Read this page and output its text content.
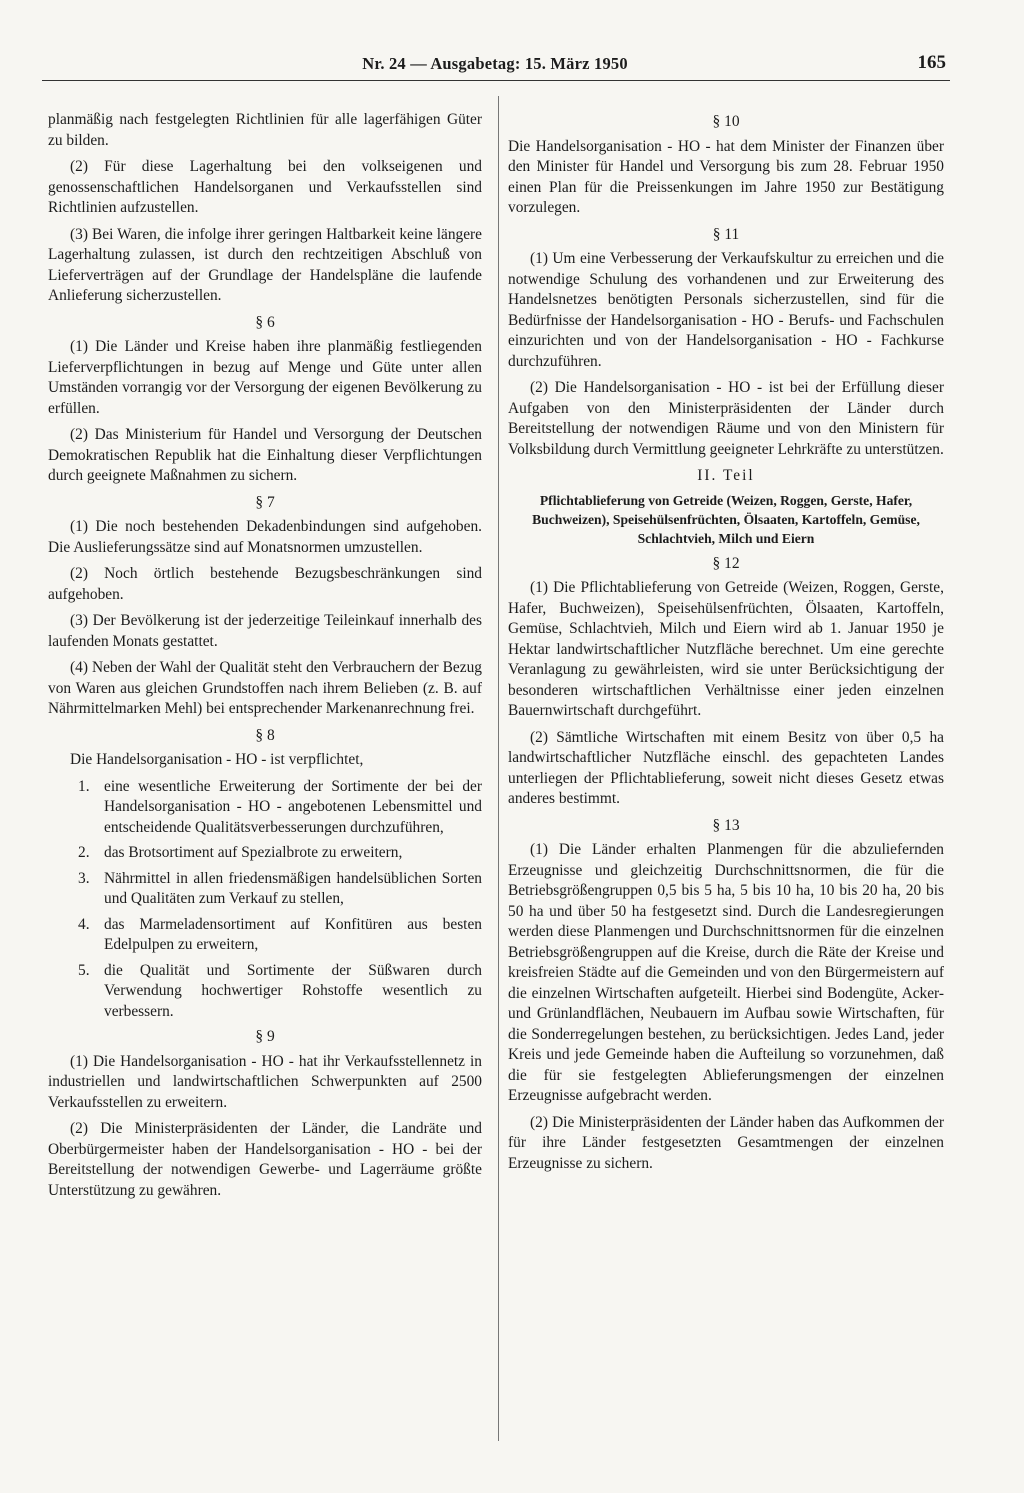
Nr. 24 — Ausgabetag: 15. März 1950	165

planmäßig nach festgelegten Richtlinien für alle lagerfähigen Güter zu bilden.

(2) Für diese Lagerhaltung bei den volkseigenen und genossenschaftlichen Handelsorganen und Verkaufsstellen sind Richtlinien aufzustellen.

(3) Bei Waren, die infolge ihrer geringen Haltbarkeit keine längere Lagerhaltung zulassen, ist durch den rechtzeitigen Abschluß von Lieferverträgen auf der Grundlage der Handelspläne die laufende Anlieferung sicherzustellen.

§ 6

(1) Die Länder und Kreise haben ihre planmäßig festliegenden Lieferverpflichtungen in bezug auf Menge und Güte unter allen Umständen vorrangig vor der Versorgung der eigenen Bevölkerung zu erfüllen.

(2) Das Ministerium für Handel und Versorgung der Deutschen Demokratischen Republik hat die Einhaltung dieser Verpflichtungen durch geeignete Maßnahmen zu sichern.

§ 7

(1) Die noch bestehenden Dekadenbindungen sind aufgehoben. Die Auslieferungssätze sind auf Monatsnormen umzustellen.

(2) Noch örtlich bestehende Bezugsbeschränkungen sind aufgehoben.

(3) Der Bevölkerung ist der jederzeitige Teileinkauf innerhalb des laufenden Monats gestattet.

(4) Neben der Wahl der Qualität steht den Verbrauchern der Bezug von Waren aus gleichen Grundstoffen nach ihrem Belieben (z. B. auf Nährmittelmarken Mehl) bei entsprechender Markenanrechnung frei.

§ 8

Die Handelsorganisation - HO - ist verpflichtet,

1. eine wesentliche Erweiterung der Sortimente der bei der Handelsorganisation - HO - angebotenen Lebensmittel und entscheidende Qualitätsverbesserungen durchzuführen,
2. das Brotsortiment auf Spezialbrote zu erweitern,
3. Nährmittel in allen friedensmäßigen handelsüblichen Sorten und Qualitäten zum Verkauf zu stellen,
4. das Marmeladensortiment auf Konfitüren aus besten Edelpulpen zu erweitern,
5. die Qualität und Sortimente der Süßwaren durch Verwendung hochwertiger Rohstoffe wesentlich zu verbessern.
§ 9

(1) Die Handelsorganisation - HO - hat ihr Verkaufsstellennetz in industriellen und landwirtschaftlichen Schwerpunkten auf 2500 Verkaufsstellen zu erweitern.

(2) Die Ministerpräsidenten der Länder, die Landräte und Oberbürgermeister haben der Handelsorganisation - HO - bei der Bereitstellung der notwendigen Gewerbe- und Lagerräume größte Unterstützung zu gewähren.

§ 10

Die Handelsorganisation - HO - hat dem Minister der Finanzen über den Minister für Handel und Versorgung bis zum 28. Februar 1950 einen Plan für die Preissenkungen im Jahre 1950 zur Bestätigung vorzulegen.

§ 11

(1) Um eine Verbesserung der Verkaufskultur zu erreichen und die notwendige Schulung des vorhandenen und zur Erweiterung des Handelsnetzes benötigten Personals sicherzustellen, sind für die Bedürfnisse der Handelsorganisation - HO - Berufs- und Fachschulen einzurichten und von der Handelsorganisation - HO - Fachkurse durchzuführen.

(2) Die Handelsorganisation - HO - ist bei der Erfüllung dieser Aufgaben von den Ministerpräsidenten der Länder durch Bereitstellung der notwendigen Räume und von den Ministern für Volksbildung durch Vermittlung geeigneter Lehrkräfte zu unterstützen.

II. Teil
Pflichtablieferung von Getreide (Weizen, Roggen, Gerste, Hafer, Buchweizen), Speisehülsenfrüchten, Ölsaaten, Kartoffeln, Gemüse, Schlachtvieh, Milch und Eiern
§ 12

(1) Die Pflichtablieferung von Getreide (Weizen, Roggen, Gerste, Hafer, Buchweizen), Speisehülsenfrüchten, Ölsaaten, Kartoffeln, Gemüse, Schlachtvieh, Milch und Eiern wird ab 1. Januar 1950 je Hektar landwirtschaftlicher Nutzfläche berechnet. Um eine gerechte Veranlagung zu gewährleisten, wird sie unter Berücksichtigung der besonderen wirtschaftlichen Verhältnisse einer jeden einzelnen Bauernwirtschaft durchgeführt.

(2) Sämtliche Wirtschaften mit einem Besitz von über 0,5 ha landwirtschaftlicher Nutzfläche einschl. des gepachteten Landes unterliegen der Pflichtablieferung, soweit nicht dieses Gesetz etwas anderes bestimmt.

§ 13

(1) Die Länder erhalten Planmengen für die abzuliefernden Erzeugnisse und gleichzeitig Durchschnittsnormen, die für die Betriebsgrößengruppen 0,5 bis 5 ha, 5 bis 10 ha, 10 bis 20 ha, 20 bis 50 ha und über 50 ha festgesetzt sind. Durch die Landesregierungen werden diese Planmengen und Durchschnittsnormen für die einzelnen Betriebsgrößengruppen auf die Kreise, durch die Räte der Kreise und kreisfreien Städte auf die Gemeinden und von den Bürgermeistern auf die einzelnen Wirtschaften aufgeteilt. Hierbei sind Bodengüte, Acker- und Grünlandflächen, Neubauern im Aufbau sowie Wirtschaften, für die Sonderregelungen bestehen, zu berücksichtigen. Jedes Land, jeder Kreis und jede Gemeinde haben die Aufteilung so vorzunehmen, daß die für sie festgelegten Ablieferungsmengen der einzelnen Erzeugnisse aufgebracht werden.

(2) Die Ministerpräsidenten der Länder haben das Aufkommen der für ihre Länder festgesetzten Gesamtmengen der einzelnen Erzeugnisse zu sichern.
